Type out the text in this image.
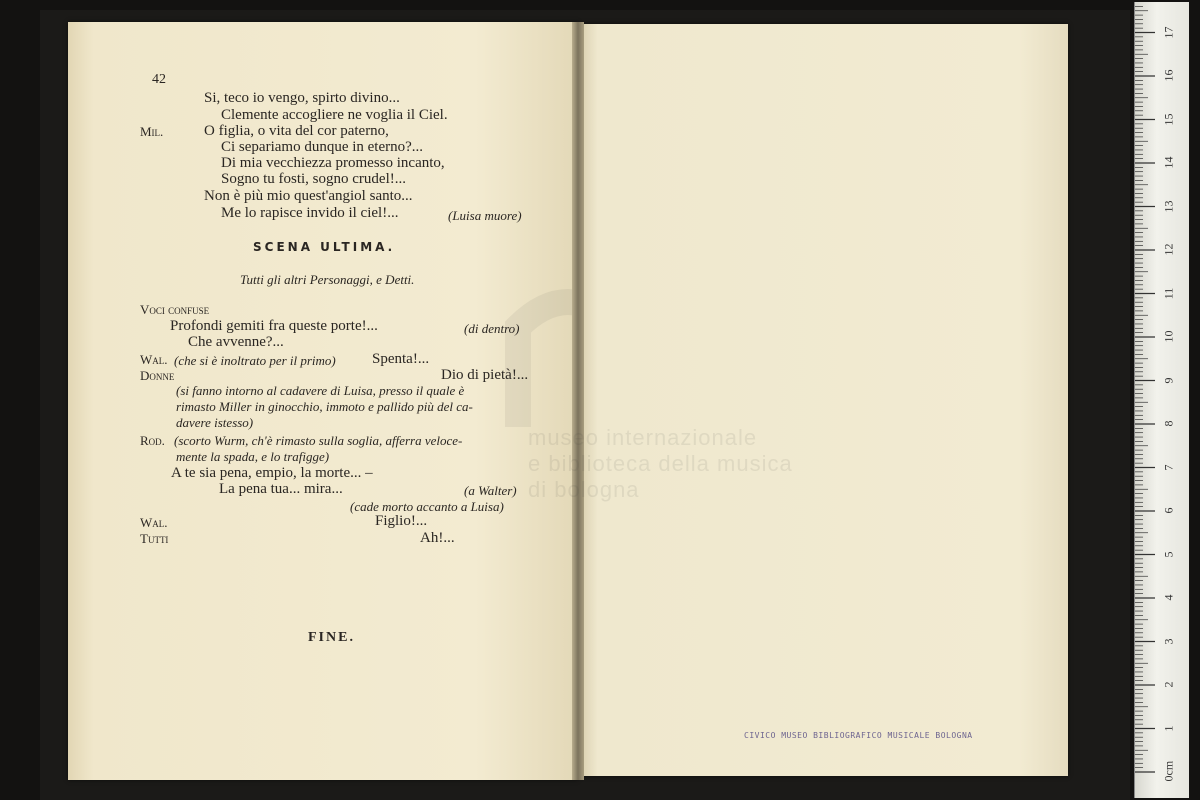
42
Si, teco io vengo, spirto divino...
Clemente accogliere ne voglia il Ciel.
Mil.	O figlia, o vita del cor paterno,
Ci separiamo dunque in eterno?...
Di mia vecchiezza promesso incanto,
Sogno tu fosti, sogno crudel!...
Non è più mio quest'angiol santo...
Me lo rapisce invido il ciel!...	(Luisa muore)
SCENA ULTIMA.
Tutti gli altri Personaggi, e Detti.
Voci confuse
Profondi gemiti fra queste porte!...	(di dentro)
Che avvenne?...
Wal. (che si è inoltrato per il primo) Spenta!...
Donne	Dio di pietà!...
(si fanno intorno al cadavere di Luisa, presso il quale è
rimasto Miller in ginocchio, immoto e pallido più del ca-
davere istesso)
Rod. (scorto Wurm, ch'è rimasto sulla soglia, afferra veloce-
mente la spada, e lo trafigge)
A te sia pena, empio, la morte... –
La pena tua... mira...	(a Walter)
(cade morto accanto a Luisa)
Wal.	Figlio!...
Tutti	Ah!...
FINE.
CIVICO MUSEO BIBLIOGRAFICO MUSICALE BOLOGNA
museo internazionale
e biblioteca della musica
di bologna
0cm
1
2
3
4
5
6
7
8
9
10
11
12
13
14
15
16
17
